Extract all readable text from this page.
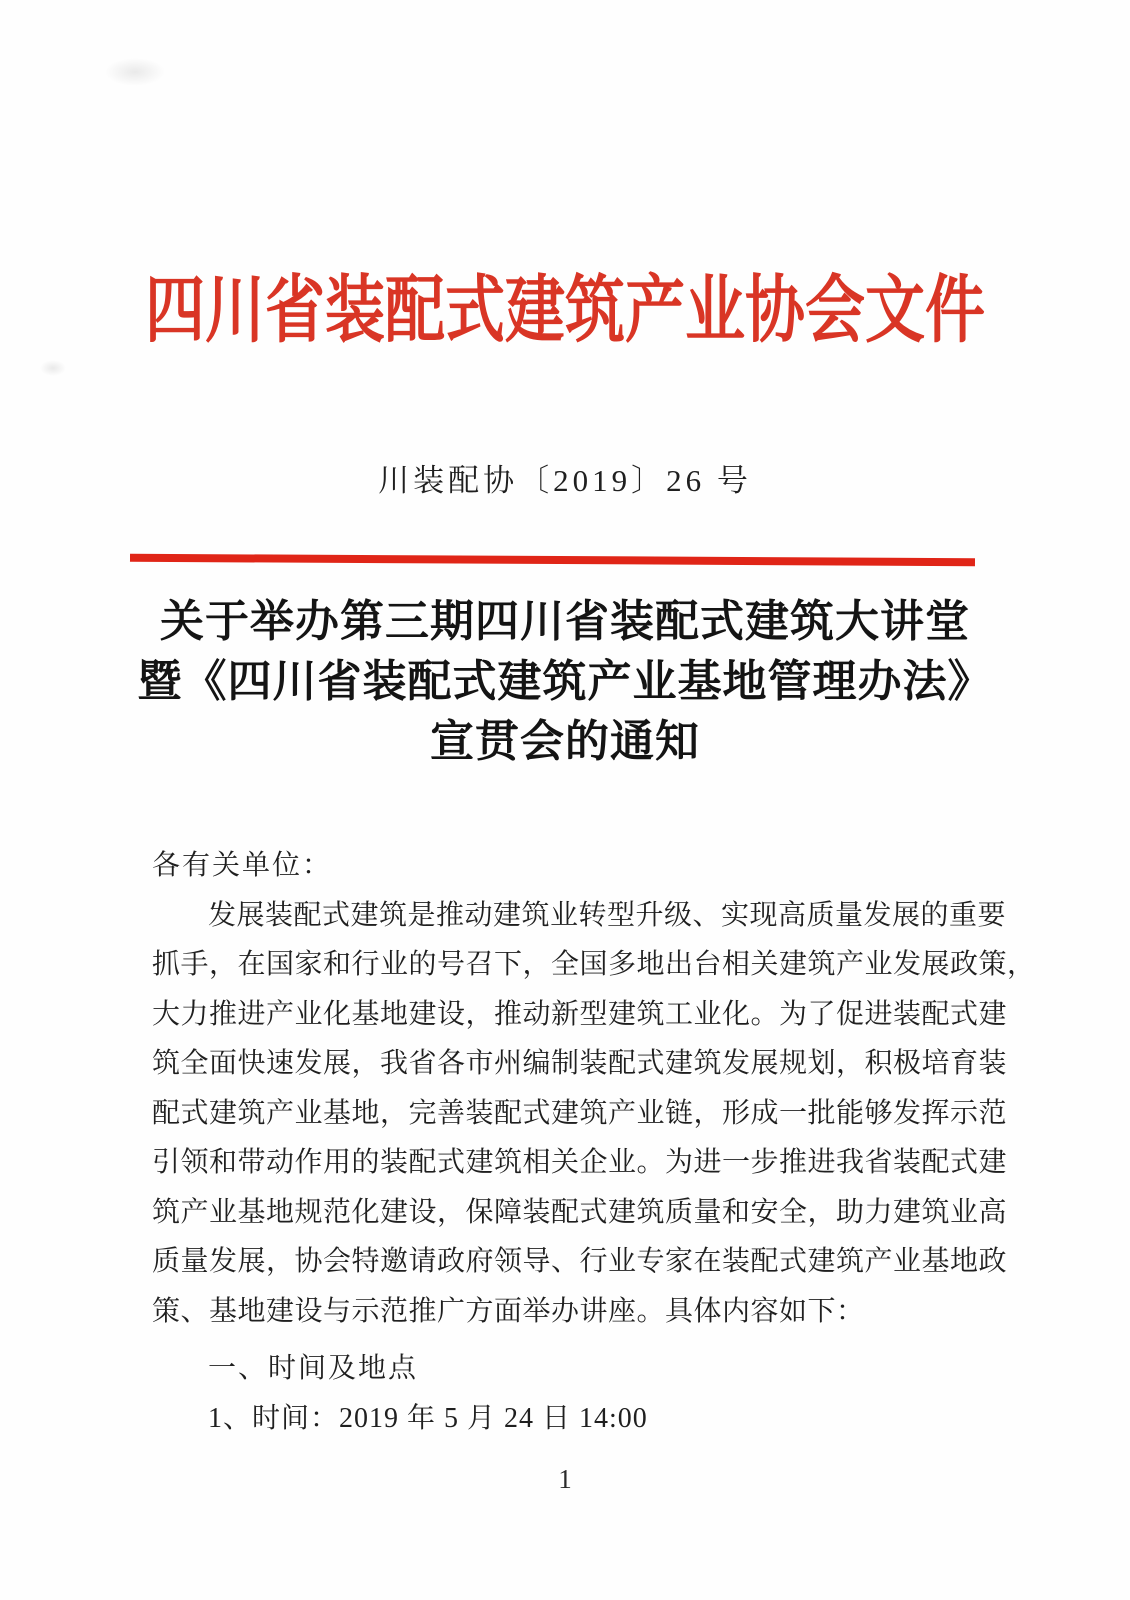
四川省装配式建筑产业协会文件
川装配协〔2019〕26 号
关于举办第三期四川省装配式建筑大讲堂
暨《四川省装配式建筑产业基地管理办法》
宣贯会的通知
各有关单位：
发展装配式建筑是推动建筑业转型升级、实现高质量发展的重要
抓手，在国家和行业的号召下，全国多地出台相关建筑产业发展政策，
大力推进产业化基地建设，推动新型建筑工业化。为了促进装配式建
筑全面快速发展，我省各市州编制装配式建筑发展规划，积极培育装
配式建筑产业基地，完善装配式建筑产业链，形成一批能够发挥示范
引领和带动作用的装配式建筑相关企业。为进一步推进我省装配式建
筑产业基地规范化建设，保障装配式建筑质量和安全，助力建筑业高
质量发展，协会特邀请政府领导、行业专家在装配式建筑产业基地政
策、基地建设与示范推广方面举办讲座。具体内容如下：
一、时间及地点
1、时间：2019 年 5 月 24 日 14:00
1
